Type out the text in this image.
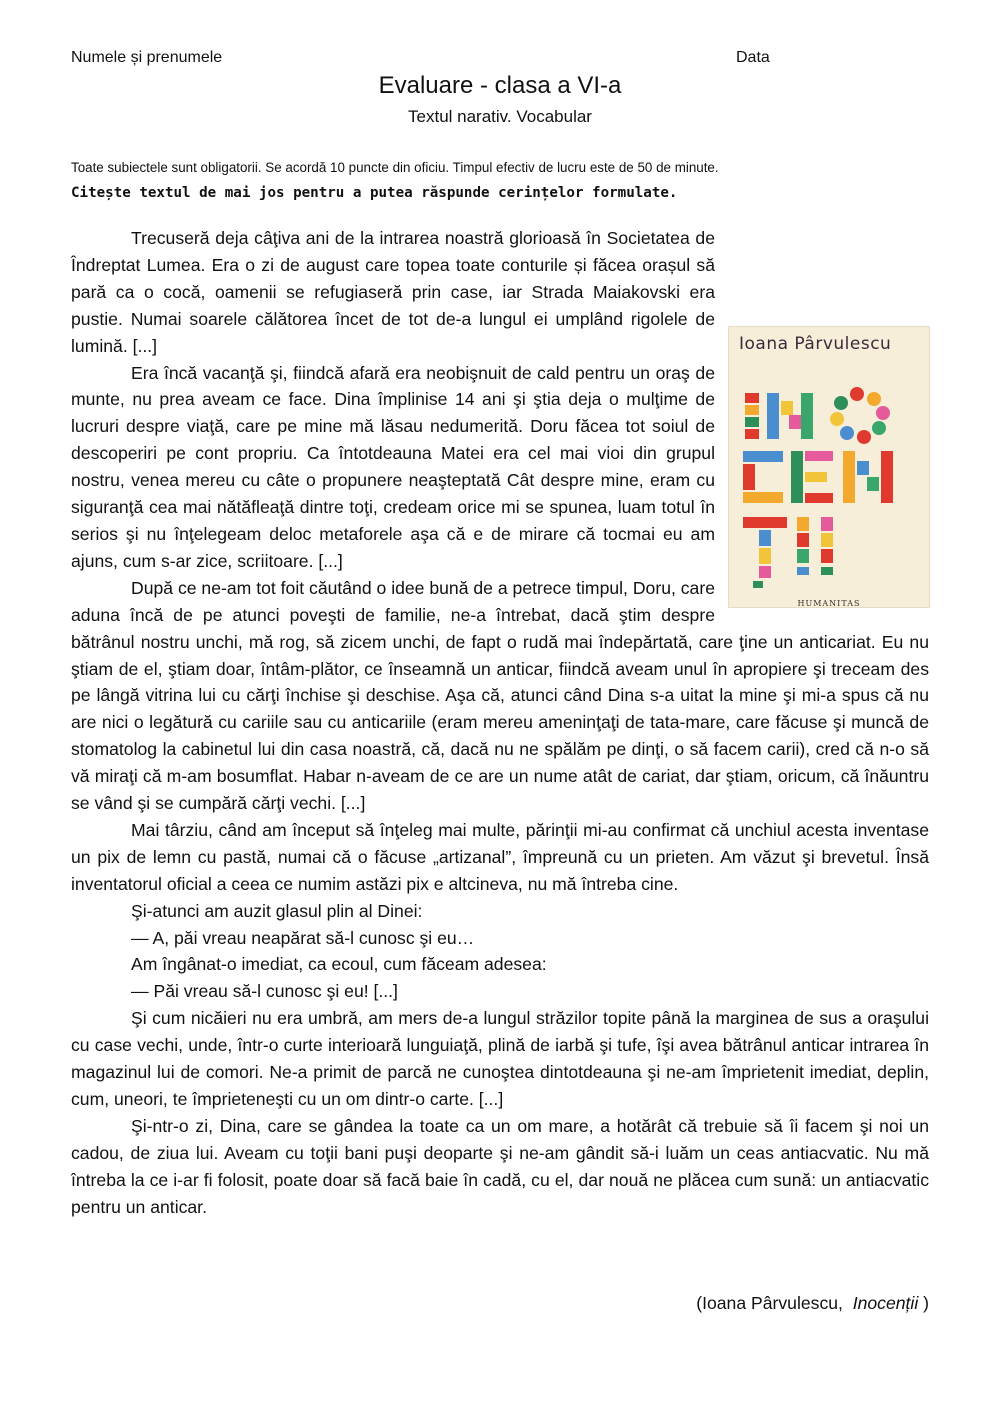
Numele și prenumele	Data
Evaluare - clasa a VI-a
Textul narativ. Vocabular
Toate subiectele sunt obligatorii. Se acordă 10 puncte din oficiu. Timpul efectiv de lucru este de 50 de minute.
Citește textul de mai jos pentru a putea răspunde cerințelor formulate.
Ioana Pârvulescu
HUMANITAS

Trecuseră deja câţiva ani de la intrarea noastră glorioasă în Societatea de Îndreptat Lumea. Era o zi de august care topea toate conturile și făcea orașul să pară ca o cocă, oamenii se refugiaseră prin case, iar Strada Maiakovski era pustie. Numai soarele călătorea încet de tot de-a lungul ei umplând rigolele de lumină. [...]

Era încă vacanţă şi, fiindcă afară era neobişnuit de cald pentru un oraş de munte, nu prea aveam ce face. Dina împlinise 14 ani şi ştia deja o mulţime de lucruri despre viaţă, care pe mine mă lăsau nedumerită. Doru făcea tot soiul de descoperiri pe cont propriu. Ca întotdeauna Matei era cel mai vioi din grupul nostru, venea mereu cu câte o propunere neaşteptată Cât despre mine, eram cu siguranţă cea mai nătăfleaţă dintre toţi, credeam orice mi se spunea, luam totul în serios şi nu înţelegeam deloc metaforele aşa că e de mirare că tocmai eu am ajuns, cum s-ar zice, scriitoare. [...]

După ce ne-am tot foit căutând o idee bună de a petrece timpul, Doru, care aduna încă de pe atunci poveşti de familie, ne-a întrebat, dacă ştim despre bătrânul nostru unchi, mă rog, să zicem unchi, de fapt o rudă mai îndepărtată, care ţine un anticariat. Eu nu ştiam de el, ştiam doar, întâm-plător, ce înseamnă un anticar, fiindcă aveam unul în apropiere şi treceam des pe lângă vitrina lui cu cărţi închise şi deschise. Aşa că, atunci când Dina s-a uitat la mine şi mi-a spus că nu are nici o legătură cu cariile sau cu anticariile (eram mereu ameninţaţi de tata-mare, care făcuse şi muncă de stomatolog la cabinetul lui din casa noastră, că, dacă nu ne spălăm pe dinţi, o să facem carii), cred că n-o să vă miraţi că m-am bosumflat. Habar n-aveam de ce are un nume atât de cariat, dar ştiam, oricum, că înăuntru se vând şi se cumpără cărţi vechi. [...]

Mai târziu, când am început să înţeleg mai multe, părinţii mi-au confirmat că unchiul acesta inventase un pix de lemn cu pastă, numai că o făcuse „artizanal”, împreună cu un prieten. Am văzut şi brevetul. Însă inventatorul oficial a ceea ce numim astăzi pix e altcineva, nu mă întreba cine.

Şi-atunci am auzit glasul plin al Dinei:

— A, păi vreau neapărat să-l cunosc şi eu…

Am îngânat-o imediat, ca ecoul, cum făceam adesea:

— Păi vreau să-l cunosc şi eu! [...]

Şi cum nicăieri nu era umbră, am mers de-a lungul străzilor topite până la marginea de sus a oraşului cu case vechi, unde, într-o curte interioară lunguiaţă, plină de iarbă şi tufe, îşi avea bătrânul anticar intrarea în magazinul lui de comori. Ne-a primit de parcă ne cunoştea dintotdeauna şi ne-am împrietenit imediat, deplin, cum, uneori, te împrieteneşti cu un om dintr-o carte. [...]

Şi-ntr-o zi, Dina, care se gândea la toate ca un om mare, a hotărât că trebuie să îi facem şi noi un cadou, de ziua lui. Aveam cu toţii bani puşi deoparte şi ne-am gândit să-i luăm un ceas antiacvatic. Nu mă întreba la ce i-ar fi folosit, poate doar să facă baie în cadă, cu el, dar nouă ne plăcea cum sună: un antiacvatic pentru un anticar.

(Ioana Pârvulescu, Inocenții )
